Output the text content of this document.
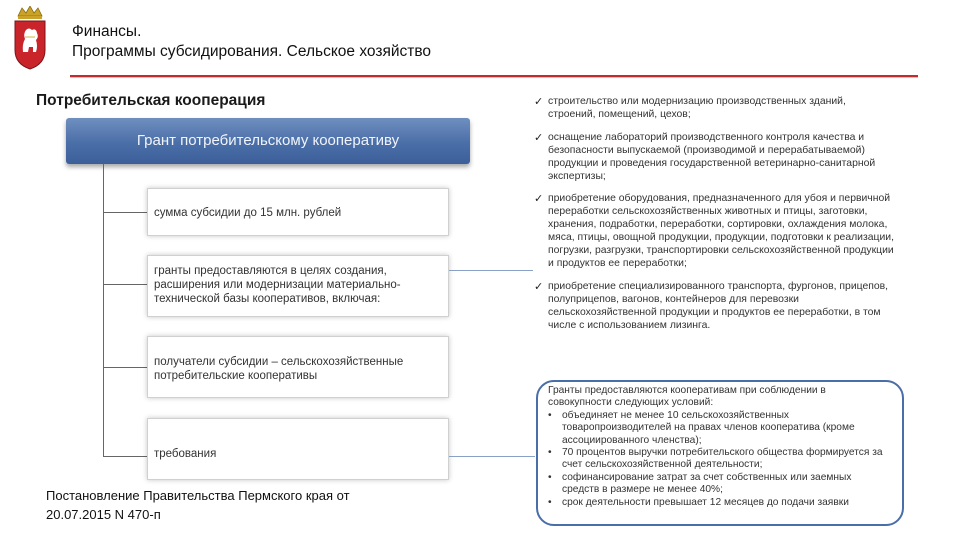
Финансы.
Программы субсидирования. Сельское хозяйство
Потребительская кооперация
Грант потребительскому кооперативу
сумма субсидии до 15 млн. рублей
гранты предоставляются в целях создания, расширения или модернизации материально-технической базы кооперативов, включая:
получатели субсидии – сельскохозяйственные потребительские кооперативы
требования
Постановление Правительства Пермского края от 20.07.2015 N 470-п
✓ строительство или модернизацию производственных зданий, строений, помещений, цехов;
✓ оснащение лабораторий производственного контроля качества и безопасности выпускаемой (производимой и перерабатываемой) продукции и проведения государственной ветеринарно-санитарной экспертизы;
✓ приобретение оборудования, предназначенного для убоя и первичной переработки сельскохозяйственных животных и птицы, заготовки, хранения, подработки, переработки, сортировки, охлаждения молока, мяса, птицы, овощной продукции, продукции, подготовки к реализации, погрузки, разгрузки, транспортировки сельскохозяйственной продукции и продуктов ее переработки;
✓ приобретение специализированного транспорта, фургонов, прицепов, полуприцепов, вагонов, контейнеров для перевозки сельскохозяйственной продукции и продуктов ее переработки, в том числе с использованием лизинга.
Гранты предоставляются кооперативам при соблюдении в совокупности следующих условий:
• объединяет не менее 10 сельскохозяйственных товаропроизводителей на правах членов кооператива (кроме ассоциированного членства);
• 70 процентов выручки потребительского общества формируется за счет сельскохозяйственной деятельности;
• софинансирование затрат за счет собственных или заемных средств в размере не менее 40%;
• срок деятельности превышает 12 месяцев до подачи заявки
